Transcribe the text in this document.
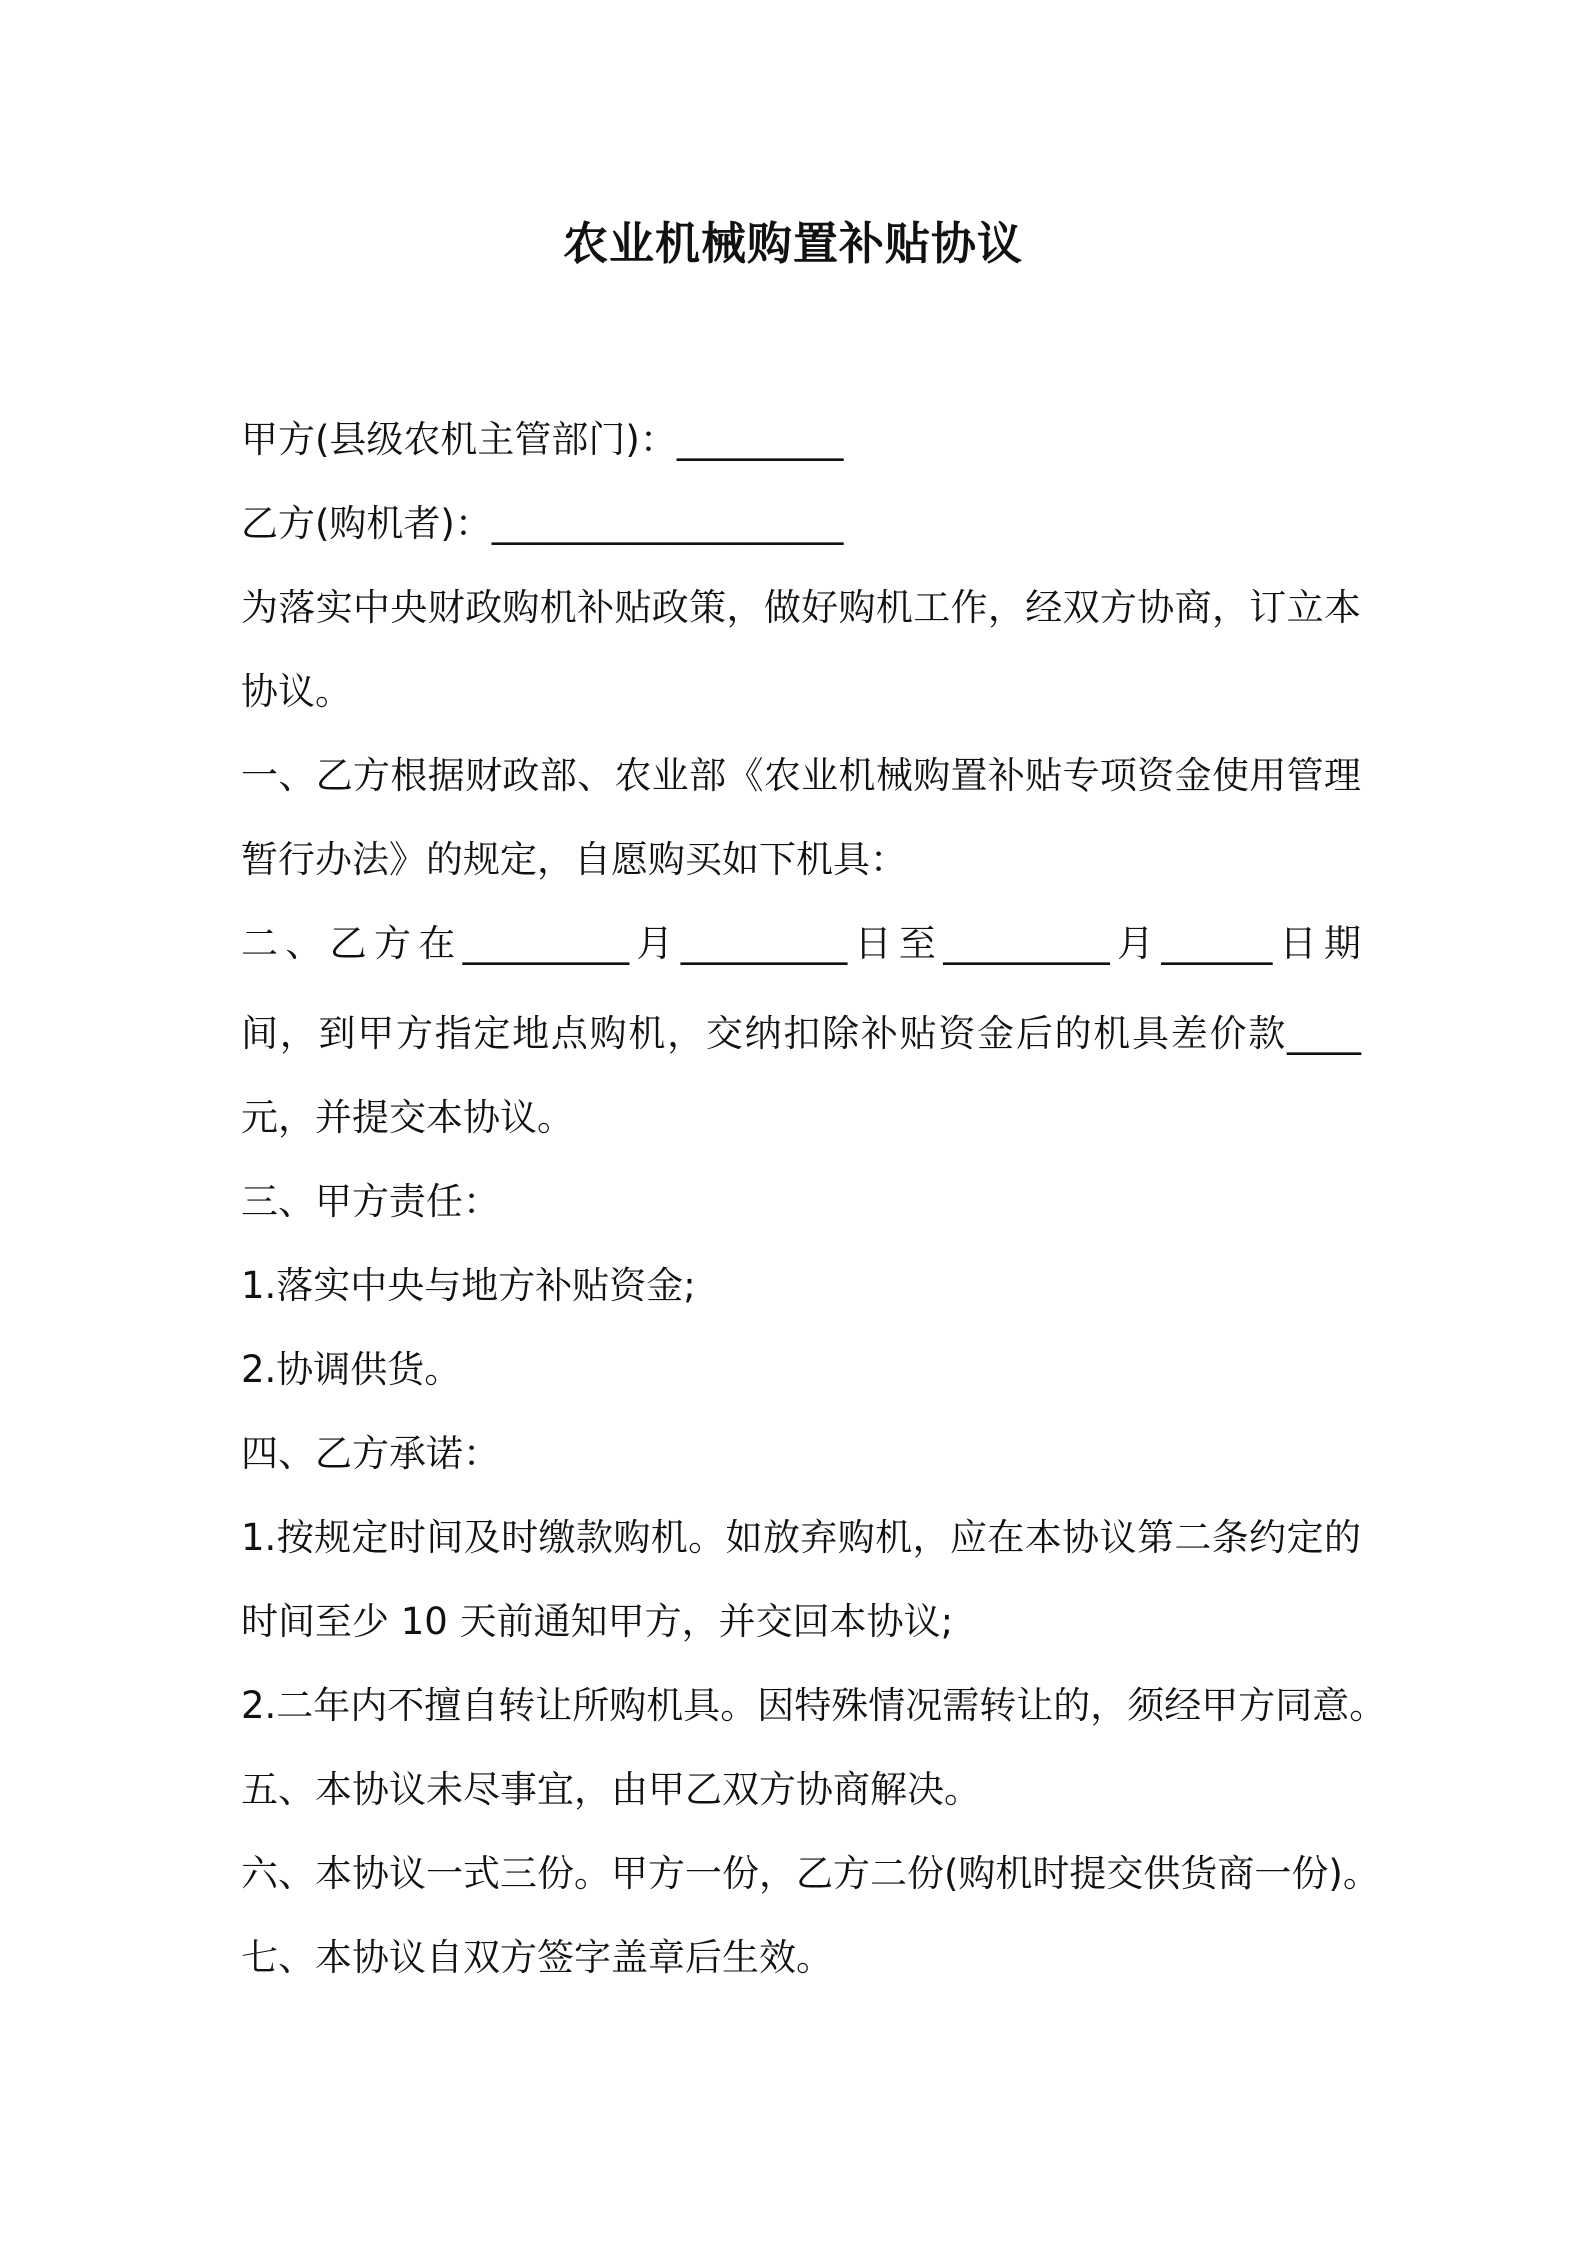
农业机械购置补贴协议
甲方(县级农机主管部门)：_________
乙方(购机者)：___________________
为落实中央财政购机补贴政策，做好购机工作，经双方协商，订立本
协议。
一、乙方根据财政部、农业部《农业机械购置补贴专项资金使用管理
暂行办法》的规定，自愿购买如下机具：
二、乙方在_________月_________日至_________月______日期
间，到甲方指定地点购机，交纳扣除补贴资金后的机具差价款____
元，并提交本协议。
三、甲方责任：
1.落实中央与地方补贴资金;
2.协调供货。
四、乙方承诺：
1.按规定时间及时缴款购机。如放弃购机，应在本协议第二条约定的
时间至少 10 天前通知甲方，并交回本协议;
2.二年内不擅自转让所购机具。因特殊情况需转让的，须经甲方同意。
五、本协议未尽事宜，由甲乙双方协商解决。
六、本协议一式三份。甲方一份，乙方二份(购机时提交供货商一份)。
七、本协议自双方签字盖章后生效。
